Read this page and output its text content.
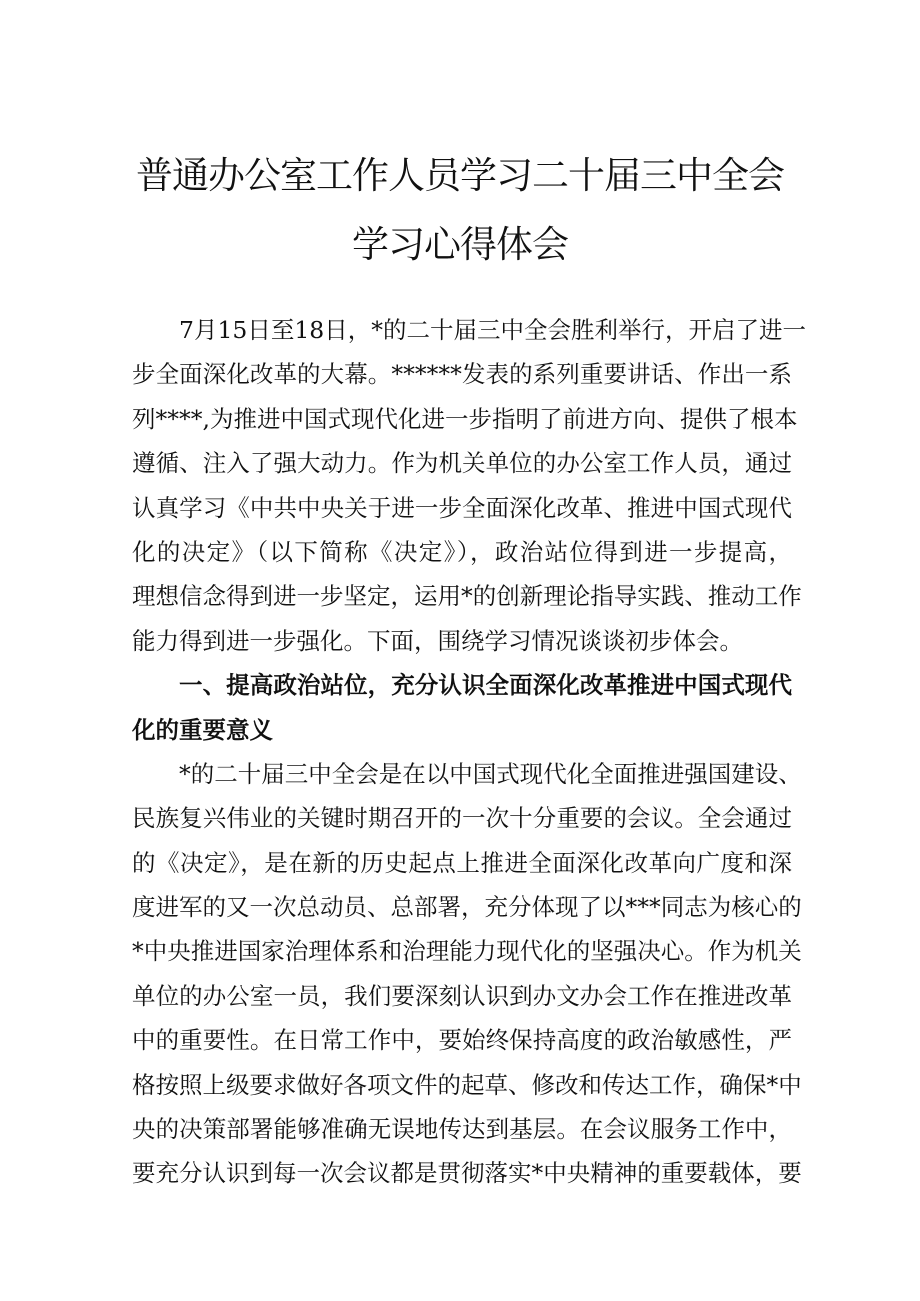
普通办公室工作人员学习二十届三中全会
学习心得体会
7月15日至18日，*的二十届三中全会胜利举行，开启了进一
步全面深化改革的大幕。******发表的系列重要讲话、作出一系
列****,为推进中国式现代化进一步指明了前进方向、提供了根本
遵循、注入了强大动力。作为机关单位的办公室工作人员，通过
认真学习《中共中央关于进一步全面深化改革、推进中国式现代
化的决定》（以下简称《决定》），政治站位得到进一步提高，
理想信念得到进一步坚定，运用*的创新理论指导实践、推动工作
能力得到进一步强化。下面，围绕学习情况谈谈初步体会。
一、提高政治站位，充分认识全面深化改革推进中国式现代
化的重要意义
*的二十届三中全会是在以中国式现代化全面推进强国建设、
民族复兴伟业的关键时期召开的一次十分重要的会议。全会通过
的《决定》，是在新的历史起点上推进全面深化改革向广度和深
度进军的又一次总动员、总部署，充分体现了以***同志为核心的
*中央推进国家治理体系和治理能力现代化的坚强决心。作为机关
单位的办公室一员，我们要深刻认识到办文办会工作在推进改革
中的重要性。在日常工作中，要始终保持高度的政治敏感性，严
格按照上级要求做好各项文件的起草、修改和传达工作，确保*中
央的决策部署能够准确无误地传达到基层。在会议服务工作中，
要充分认识到每一次会议都是贯彻落实*中央精神的重要载体，要
